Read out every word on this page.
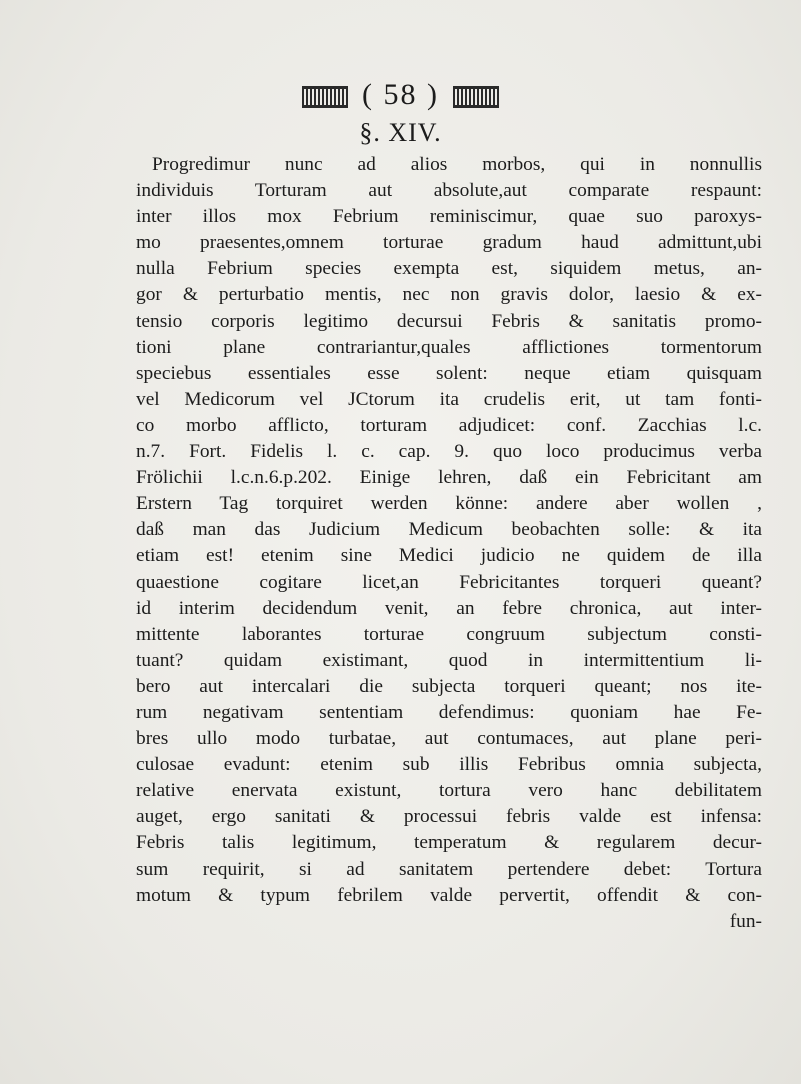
( 58 )
§. XIV.
Progredimur nunc ad alios morbos, qui in nonnullis
individuis Torturam aut absolute,aut comparate respaunt:
inter illos mox Febrium reminiscimur, quae suo paroxys-
mo praesentes,omnem torturae gradum haud admittunt,ubi
nulla Febrium species exempta est, siquidem metus, an-
gor & perturbatio mentis, nec non gravis dolor, laesio & ex-
tensio corporis legitimo decursui Febris & sanitatis promo-
tioni plane contrariantur,quales afflictiones tormentorum
speciebus essentiales esse solent: neque etiam quisquam
vel Medicorum vel JCtorum ita crudelis erit, ut tam fonti-
co morbo afflicto, torturam adjudicet: conf. Zacchias l.c.
n.7. Fort. Fidelis l. c. cap. 9. quo loco producimus verba
Frölichii l.c.n.6.p.202. Einige lehren, daß ein Febricitant am
Erstern Tag torquiret werden könne: andere aber wollen ,
daß man das Judicium Medicum beobachten solle: & ita
etiam est! etenim sine Medici judicio ne quidem de illa
quaestione cogitare licet,an Febricitantes torqueri queant?
id interim decidendum venit, an febre chronica, aut inter-
mittente laborantes torturae congruum subjectum consti-
tuant? quidam existimant, quod in intermittentium li-
bero aut intercalari die subjecta torqueri queant; nos ite-
rum negativam sententiam defendimus: quoniam hae Fe-
bres ullo modo turbatae, aut contumaces, aut plane peri-
culosae evadunt: etenim sub illis Febribus omnia subjecta,
relative enervata existunt, tortura vero hanc debilitatem
auget, ergo sanitati & processui febris valde est infensa:
Febris talis legitimum, temperatum & regularem decur-
sum requirit, si ad sanitatem pertendere debet: Tortura
motum & typum febrilem valde pervertit, offendit & con-
fun-
